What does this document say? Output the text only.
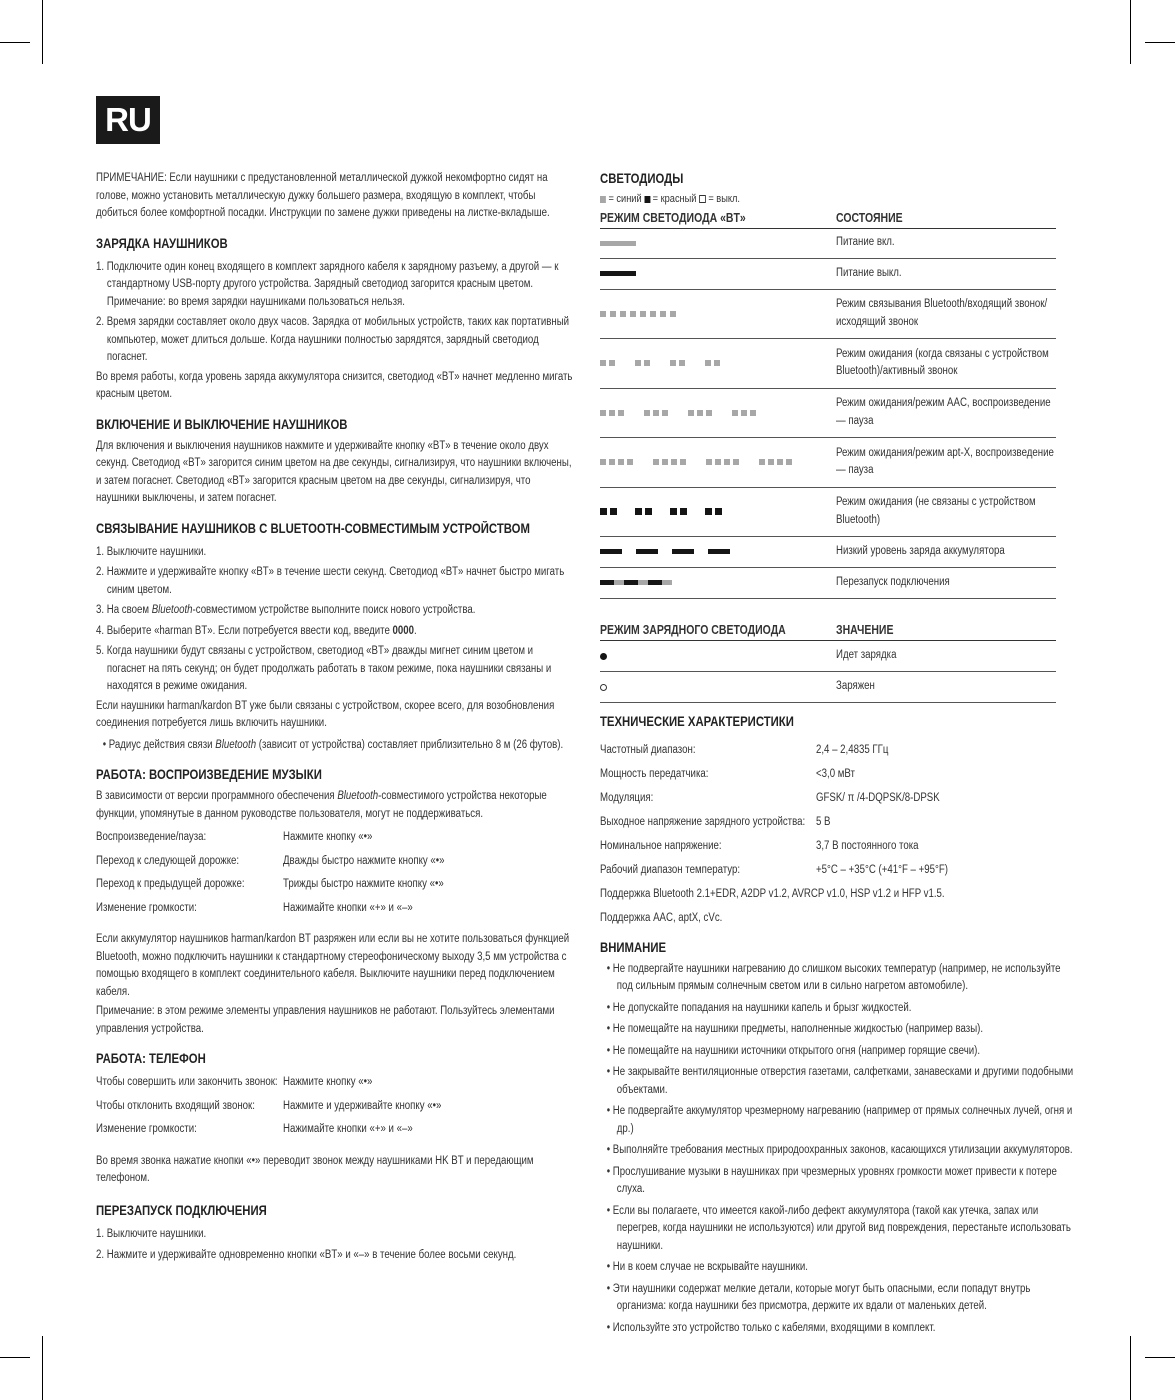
RU
ПРИМЕЧАНИЕ: Если наушники с предустановленной металлической дужкой некомфортно сидят на голове, можно установить металлическую дужку большего размера, входящую в комплект, чтобы добиться более комфортной посадки. Инструкции по замене дужки приведены на листке-вкладыше.
ЗАРЯДКА НАУШНИКОВ
1. Подключите один конец входящего в комплект зарядного кабеля к зарядному разъему, а другой — к стандартному USB-порту другого устройства. Зарядный светодиод загорится красным цветом. Примечание: во время зарядки наушниками пользоваться нельзя.
2. Время зарядки составляет около двух часов. Зарядка от мобильных устройств, таких как портативный компьютер, может длиться дольше. Когда наушники полностью зарядятся, зарядный светодиод погаснет.
Во время работы, когда уровень заряда аккумулятора снизится, светодиод «BT» начнет медленно мигать красным цветом.
ВКЛЮЧЕНИЕ И ВЫКЛЮЧЕНИЕ НАУШНИКОВ
Для включения и выключения наушников нажмите и удерживайте кнопку «BT» в течение около двух секунд. Светодиод «BT» загорится синим цветом на две секунды, сигнализируя, что наушники включены, и затем погаснет. Светодиод «BT» загорится красным цветом на две секунды, сигнализируя, что наушники выключены, и затем погаснет.
СВЯЗЫВАНИЕ НАУШНИКОВ С BLUETOOTH-СОВМЕСТИМЫМ УСТРОЙСТВОМ
1. Выключите наушники.
2. Нажмите и удерживайте кнопку «BT» в течение шести секунд. Светодиод «BT» начнет быстро мигать синим цветом.
3. На своем Bluetooth-совместимом устройстве выполните поиск нового устройства.
4. Выберите «harman BT». Если потребуется ввести код, введите 0000.
5. Когда наушники будут связаны с устройством, светодиод «BT» дважды мигнет синим цветом и погаснет на пять секунд; он будет продолжать работать в таком режиме, пока наушники связаны и находятся в режиме ожидания.
Если наушники harman/kardon BT уже были связаны с устройством, скорее всего, для возобновления соединения потребуется лишь включить наушники.
• Радиус действия связи Bluetooth (зависит от устройства) составляет приблизительно 8 м (26 футов).
РАБОТА: ВОСПРОИЗВЕДЕНИЕ МУЗЫКИ
В зависимости от версии программного обеспечения Bluetooth-совместимого устройства некоторые функции, упомянутые в данном руководстве пользователя, могут не поддерживаться.
Воспроизведение/пауза:	Нажмите кнопку «•»
Переход к следующей дорожке:	Дважды быстро нажмите кнопку «•»
Переход к предыдущей дорожке:	Трижды быстро нажмите кнопку «•»
Изменение громкости:	Нажимайте кнопки «+» и «–»
Если аккумулятор наушников harman/kardon BT разряжен или если вы не хотите пользоваться функцией Bluetooth, можно подключить наушники к стандартному стереофоническому выходу 3,5 мм устройства с помощью входящего в комплект соединительного кабеля. Выключите наушники перед подключением кабеля.
Примечание: в этом режиме элементы управления наушников не работают. Пользуйтесь элементами управления устройства.
РАБОТА: ТЕЛЕФОН
Чтобы совершить или закончить звонок: Нажмите кнопку «•»
Чтобы отклонить входящий звонок: Нажмите и удерживайте кнопку «•»
Изменение громкости:	Нажимайте кнопки «+» и «–»
Во время звонка нажатие кнопки «•» переводит звонок между наушниками HK BT и передающим телефоном.
ПЕРЕЗАПУСК ПОДКЛЮЧЕНИЯ
1. Выключите наушники.
2. Нажмите и удерживайте одновременно кнопки «BT» и «–» в течение более восьми секунд.
СВЕТОДИОДЫ
= синий = красный = выкл.
РЕЖИМ СВЕТОДИОДА «BT»	СОСТОЯНИЕ

	Питание вкл.

	Питание выкл.

	Режим связывания Bluetooth/входящий звонок/ исходящий звонок

	Режим ожидания (когда связаны с устройством Bluetooth)/активный звонок

	Режим ожидания/режим AAC, воспроизведение — пауза

	Режим ожидания/режим apt-X, воспроизведение — пауза

	Режим ожидания (не связаны с устройством Bluetooth)

	Низкий уровень заряда аккумулятора

	Перезапуск подключения
РЕЖИМ ЗАРЯДНОГО СВЕТОДИОДА	ЗНАЧЕНИЕ

	Идет зарядка

	Заряжен
ТЕХНИЧЕСКИЕ ХАРАКТЕРИСТИКИ
Частотный диапазон:	2,4 – 2,4835 ГГц
Мощность передатчика:	<3,0 мВт
Модуляция:	GFSK/ π /4-DQPSK/8-DPSK
Выходное напряжение зарядного устройства: 5 В
Номинальное напряжение:	3,7 В постоянного тока
Рабочий диапазон температур:	+5°C – +35°C (+41°F – +95°F)
Поддержка Bluetooth 2.1+EDR, A2DP v1.2, AVRCP v1.0, HSP v1.2 и HFP v1.5.
Поддержка AAC, aptX, cVc.
ВНИМАНИЕ
• Не подвергайте наушники нагреванию до слишком высоких температур (например, не используйте под сильным прямым солнечным светом или в сильно нагретом автомобиле).
• Не допускайте попадания на наушники капель и брызг жидкостей.
• Не помещайте на наушники предметы, наполненные жидкостью (например вазы).
• Не помещайте на наушники источники открытого огня (например горящие свечи).
• Не закрывайте вентиляционные отверстия газетами, салфетками, занавесками и другими подобными объектами.
• Не подвергайте аккумулятор чрезмерному нагреванию (например от прямых солнечных лучей, огня и др.)
• Выполняйте требования местных природоохранных законов, касающихся утилизации аккумуляторов.
• Прослушивание музыки в наушниках при чрезмерных уровнях громкости может привести к потере слуха.
• Если вы полагаете, что имеется какой-либо дефект аккумулятора (такой как утечка, запах или перегрев, когда наушники не используются) или другой вид повреждения, перестаньте использовать наушники.
• Ни в коем случае не вскрывайте наушники.
• Эти наушники содержат мелкие детали, которые могут быть опасными, если попадут внутрь организма: когда наушники без присмотра, держите их вдали от маленьких детей.
• Используйте это устройство только с кабелями, входящими в комплект.
